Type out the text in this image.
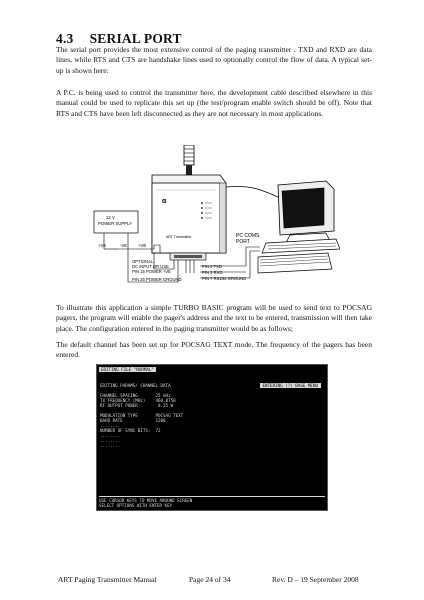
4.3 SERIAL PORT
The serial port provides the most extensive control of the paging transmitter . TXD and RXD are data lines, while RTS and CTS are handshake lines used to optionally control the flow of data. A typical set-up is shown here:
A P.C. is being used to control the transmitter here, the development cable described elsewhere in this manual could be used to replicate this set up (the test/program enable switch should be off). Note that RTS and CTS have been left disconnected as they are not necessary in most applications.
α
ART Transmitter
12 V POWER SUPPLY
+VE	-VE	+VE
OPTIONAL DC INPUT OR USE PIN 15 POWER +VE
PIN 25 POWER GROUND
PIN 2 TXD
PIN 3 RXD
PIN 7 RS232 GROUND
PC COMS PORT
To illustrate this application a simple TURBO BASIC program will be used to send text to POCSAG pagers, the program will enable the pager's address and the text to be entered, transmission will then take place. The configuration entered in the paging transmitter would be as follows;
The default channel has been set up for POCSAG TEXT mode. The frequency of the pagers has been entered.
EDITING FILE "NORMAL"
ENTERING (?) BASE MENU
EDITING PARAMS/ CHANNEL DATA
CHANNEL SPACING       25 kHz
TX FREQUENCY (MHz)    460.8750
RF OUTPUT POWER        0.25 W
MODULATION TYPE       POCSAG TEXT
BAUD RATE             1200
........
NUMBER OF SYNC BITS:  72
........
........
........
USE CURSOR KEYS TO MOVE AROUND SCREEN
SELECT OPTIONS WITH ENTER KEY
ART Paging Transmitter Manual	Page 24 of 34	Rev. D – 19 September 2008
